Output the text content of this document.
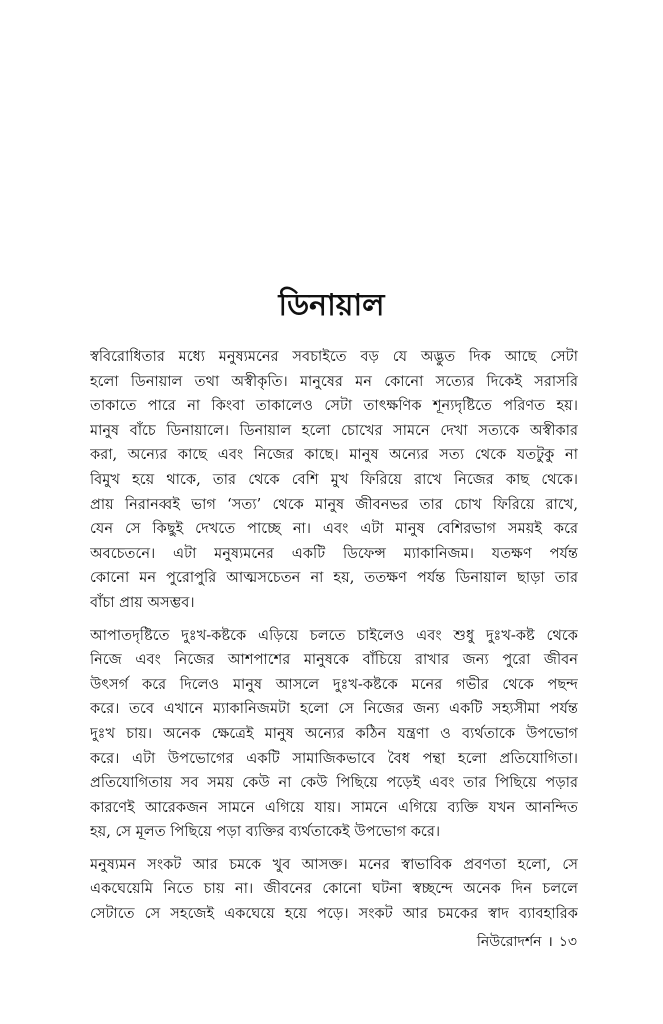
ডিনায়াল

স্ববিরোধিতার মধ্যে মনুষ্যমনের সবচাইতে বড় যে অদ্ভুত দিক আছে সেটা
হলো ডিনায়াল তথা অস্বীকৃতি। মানুষের মন কোনো সত্যের দিকেই সরাসরি
তাকাতে পারে না কিংবা তাকালেও সেটা তাৎক্ষণিক শূন্যদৃষ্টিতে পরিণত হয়।
মানুষ বাঁচে ডিনায়ালে। ডিনায়াল হলো চোখের সামনে দেখা সত্যকে অস্বীকার
করা, অন্যের কাছে এবং নিজের কাছে। মানুষ অন্যের সত্য থেকে যতটুকু না
বিমুখ হয়ে থাকে, তার থেকে বেশি মুখ ফিরিয়ে রাখে নিজের কাছ থেকে।
প্রায় নিরানব্বই ভাগ ‘সত্য’ থেকে মানুষ জীবনভর তার চোখ ফিরিয়ে রাখে,
যেন সে কিছুই দেখতে পাচ্ছে না। এবং এটা মানুষ বেশিরভাগ সময়ই করে
অবচেতনে। এটা মনুষ্যমনের একটি ডিফেন্স ম্যাকানিজম। যতক্ষণ পর্যন্ত
কোনো মন পুরোপুরি আত্মসচেতন না হয়, ততক্ষণ পর্যন্ত ডিনায়াল ছাড়া তার
বাঁচা প্রায় অসম্ভব।

আপাতদৃষ্টিতে দুঃখ-কষ্টকে এড়িয়ে চলতে চাইলেও এবং শুধু দুঃখ-কষ্ট থেকে
নিজে এবং নিজের আশপাশের মানুষকে বাঁচিয়ে রাখার জন্য পুরো জীবন
উৎসর্গ করে দিলেও মানুষ আসলে দুঃখ-কষ্টকে মনের গভীর থেকে পছন্দ
করে। তবে এখানে ম্যাকানিজমটা হলো সে নিজের জন্য একটি সহ্যসীমা পর্যন্ত
দুঃখ চায়। অনেক ক্ষেত্রেই মানুষ অন্যের কঠিন যন্ত্রণা ও ব্যর্থতাকে উপভোগ
করে। এটা উপভোগের একটি সামাজিকভাবে বৈধ পন্থা হলো প্রতিযোগিতা।
প্রতিযোগিতায় সব সময় কেউ না কেউ পিছিয়ে পড়েই এবং তার পিছিয়ে পড়ার
কারণেই আরেকজন সামনে এগিয়ে যায়। সামনে এগিয়ে ব্যক্তি যখন আনন্দিত
হয়, সে মূলত পিছিয়ে পড়া ব্যক্তির ব্যর্থতাকেই উপভোগ করে।

মনুষ্যমন সংকট আর চমকে খুব আসক্ত। মনের স্বাভাবিক প্রবণতা হলো, সে
একঘেয়েমি নিতে চায় না। জীবনের কোনো ঘটনা স্বচ্ছন্দে অনেক দিন চললে
সেটাতে সে সহজেই একঘেয়ে হয়ে পড়ে। সংকট আর চমকের স্বাদ ব্যাবহারিক

নিউরোদর্শন । ১৩
